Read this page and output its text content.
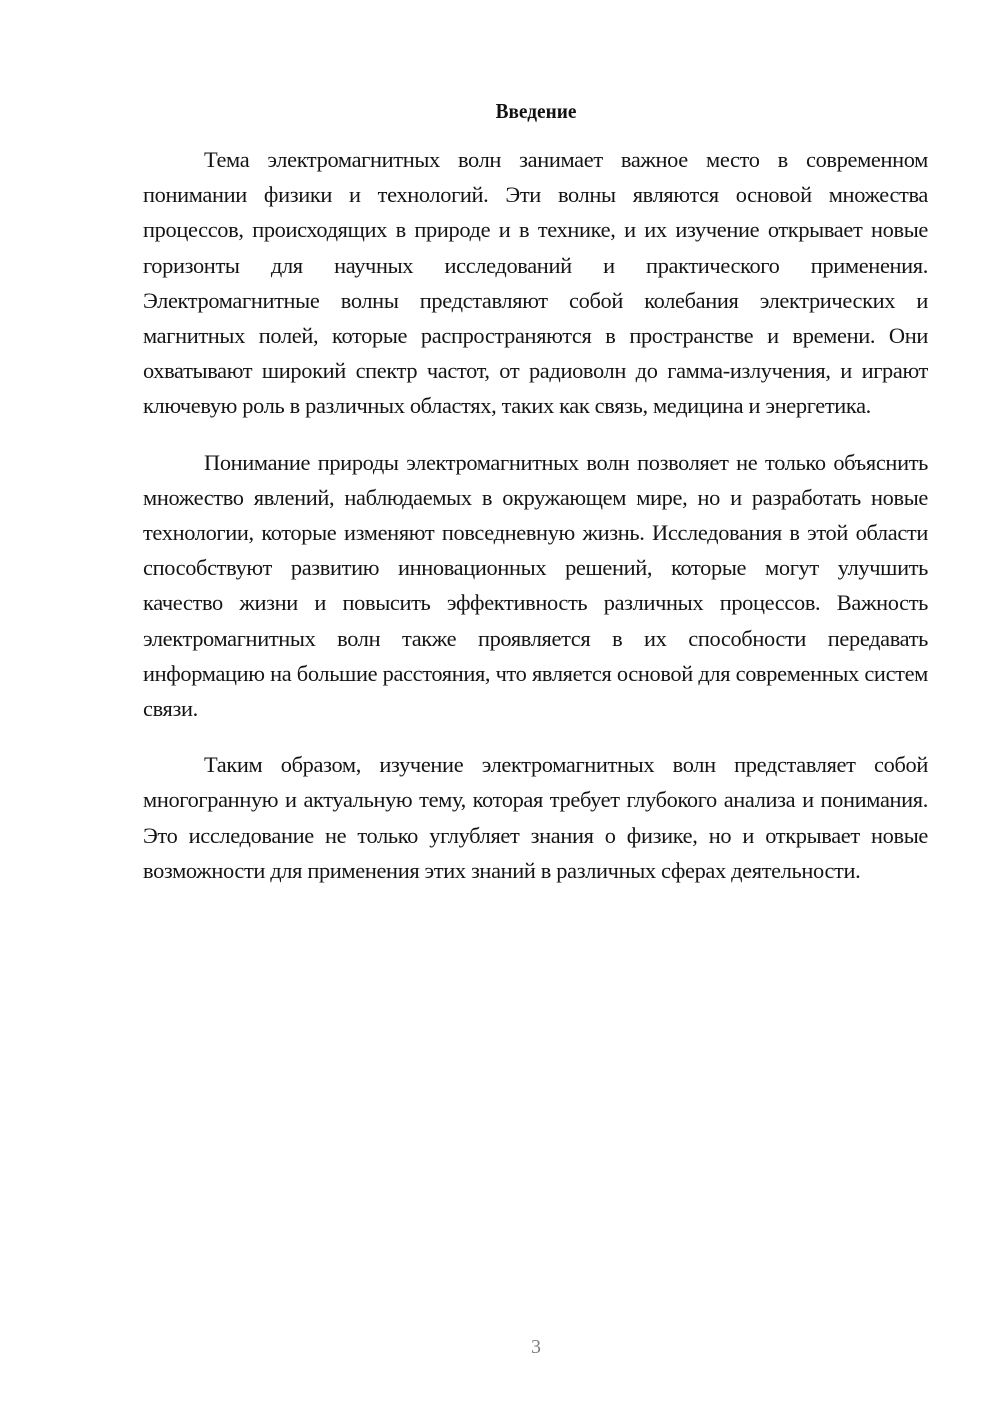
Введение

Тема электромагнитных волн занимает важное место в современном понимании физики и технологий. Эти волны являются основой множества процессов, происходящих в природе и в технике, и их изучение открывает новые горизонты для научных исследований и практического применения. Электромагнитные волны представляют собой колебания электрических и магнитных полей, которые распространяются в пространстве и времени. Они охватывают широкий спектр частот, от радиоволн до гамма-излучения, и играют ключевую роль в различных областях, таких как связь, медицина и энергетика.

Понимание природы электромагнитных волн позволяет не только объяснить множество явлений, наблюдаемых в окружающем мире, но и разработать новые технологии, которые изменяют повседневную жизнь. Исследования в этой области способствуют развитию инновационных решений, которые могут улучшить качество жизни и повысить эффективность различных процессов. Важность электромагнитных волн также проявляется в их способности передавать информацию на большие расстояния, что является основой для современных систем связи.

Таким образом, изучение электромагнитных волн представляет собой многогранную и актуальную тему, которая требует глубокого анализа и понимания. Это исследование не только углубляет знания о физике, но и открывает новые возможности для применения этих знаний в различных сферах деятельности.

3
